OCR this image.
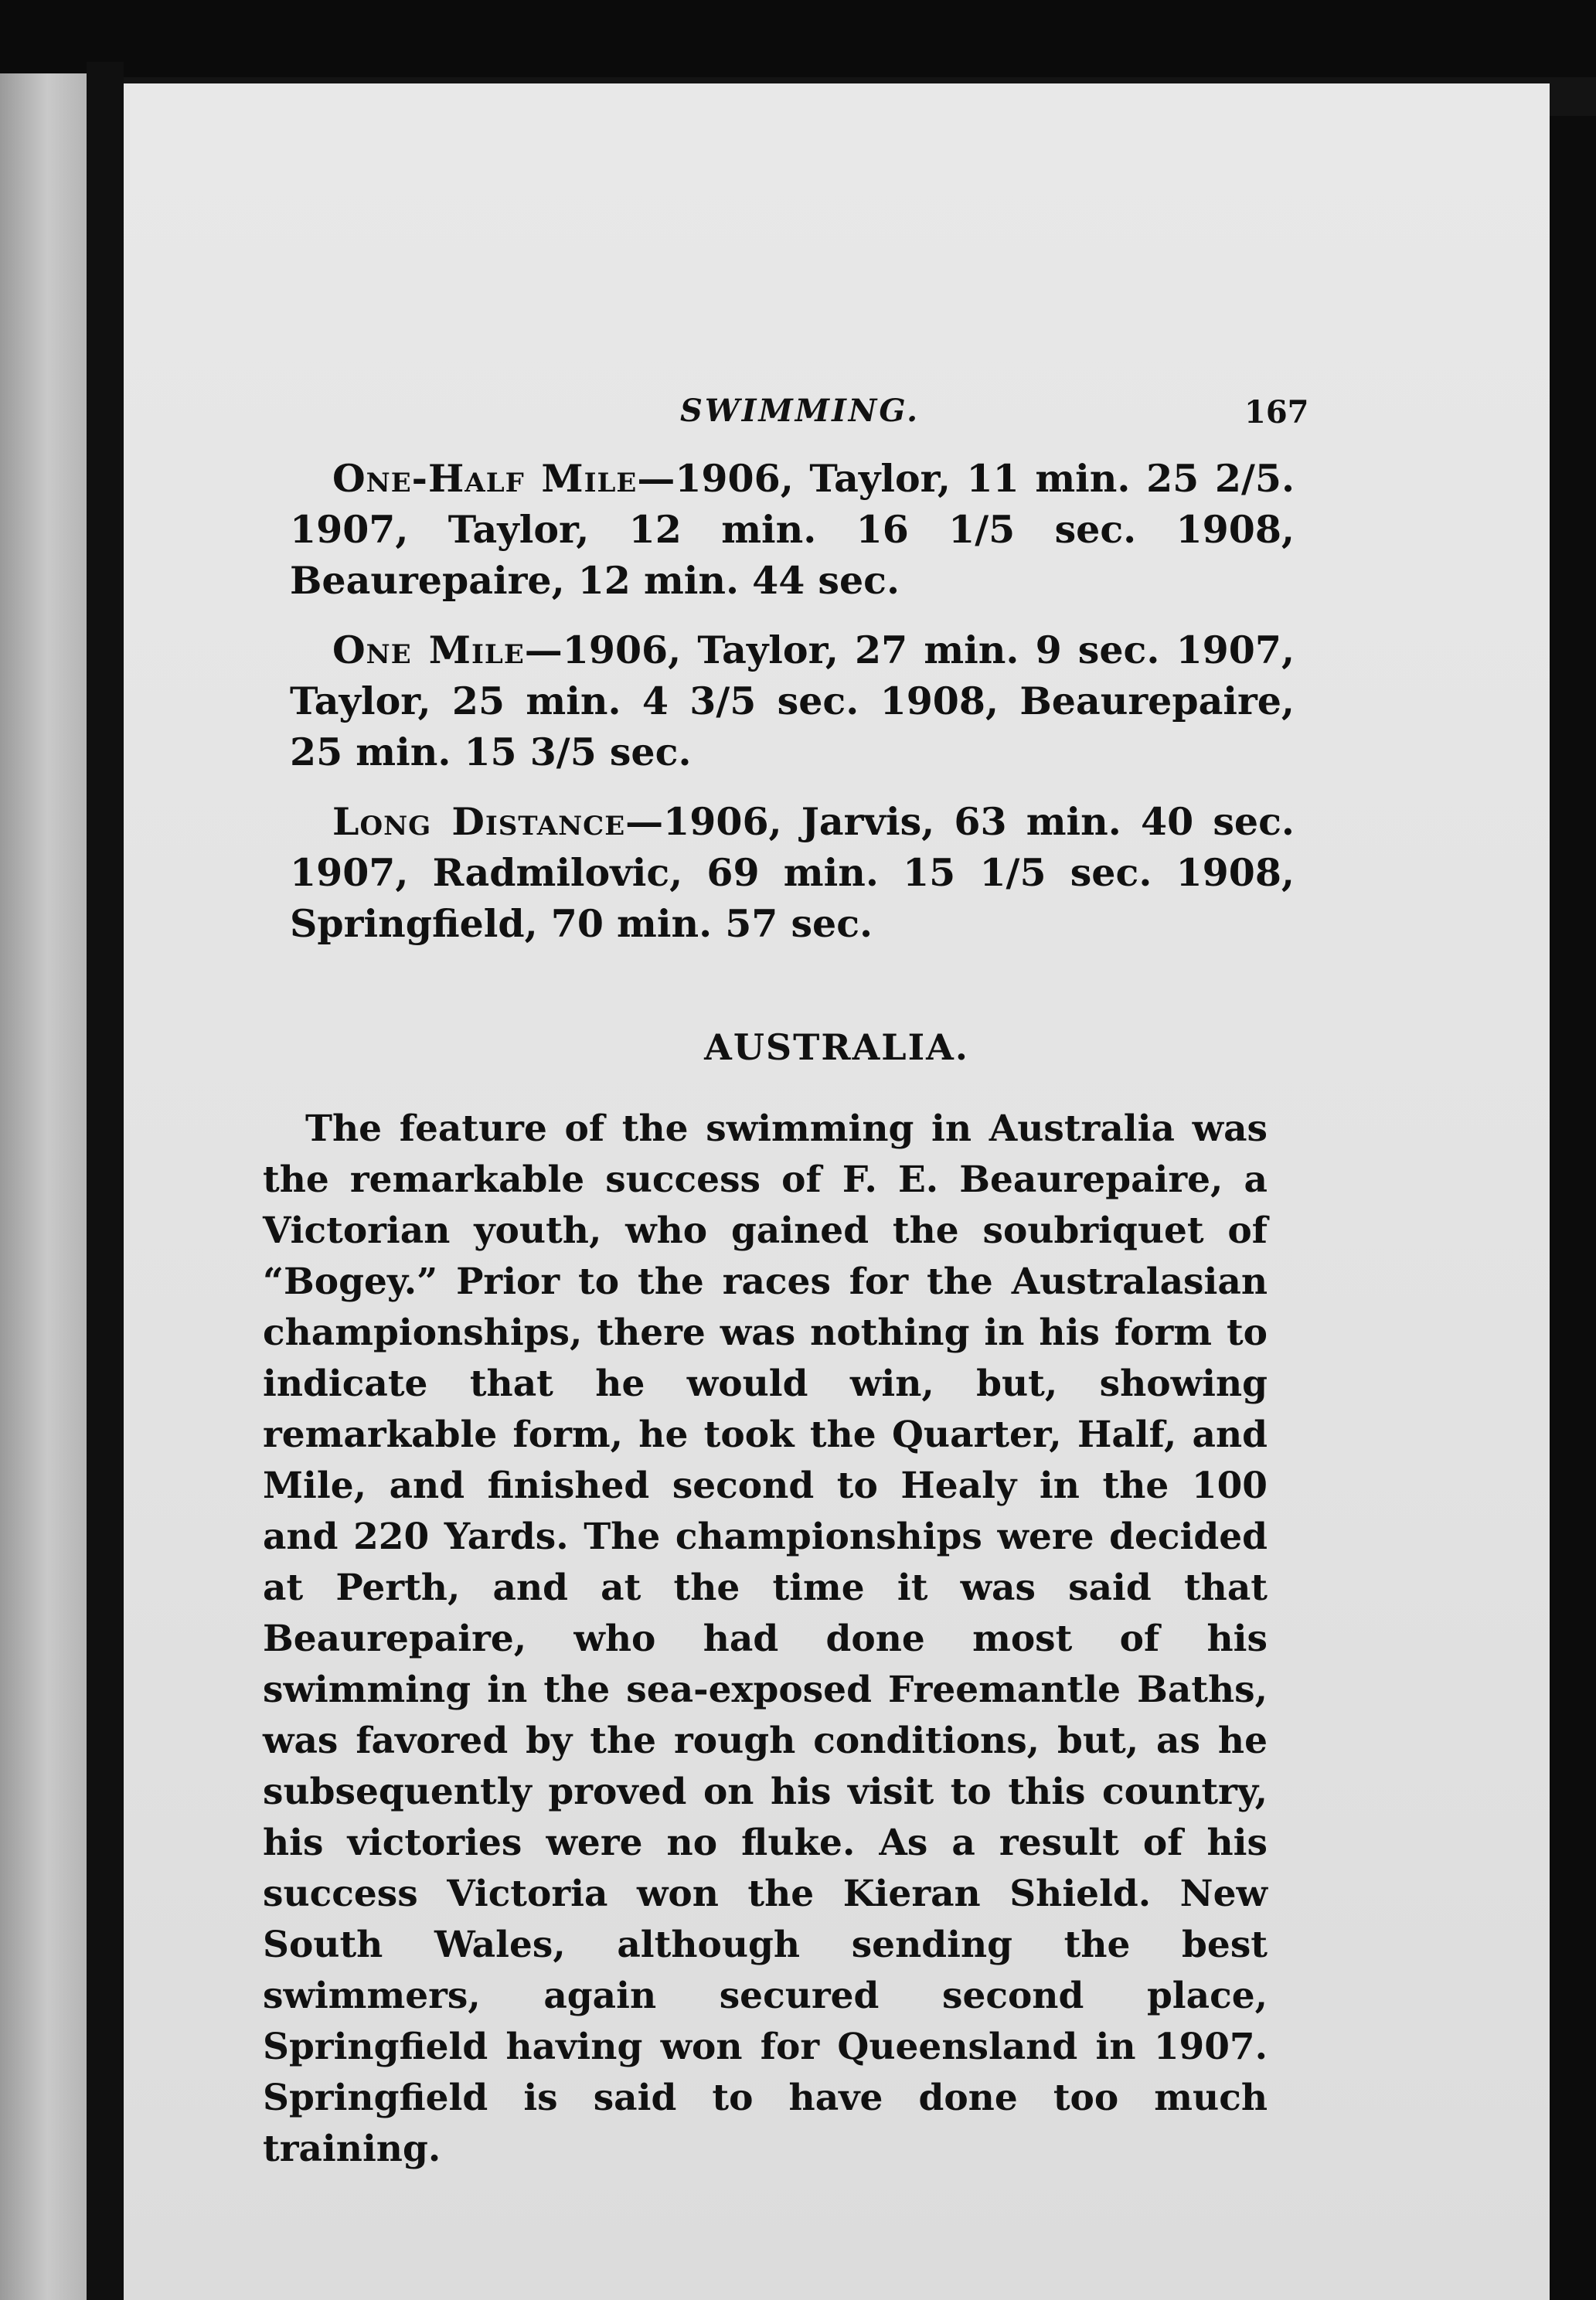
SWIMMING.	167

One-Half Mile—1906, Taylor, 11 min. 25 2/5. 1907, Taylor, 12 min. 16 1/5 sec. 1908, Beaurepaire, 12 min. 44 sec.

One Mile—1906, Taylor, 27 min. 9 sec. 1907, Taylor, 25 min. 4 3/5 sec. 1908, Beaurepaire, 25 min. 15 3/5 sec.

Long Distance—1906, Jarvis, 63 min. 40 sec. 1907, Radmilovic, 69 min. 15 1/5 sec. 1908, Springfield, 70 min. 57 sec.

AUSTRALIA.

The feature of the swimming in Australia was the remarkable success of F. E. Beaurepaire, a Victorian youth, who gained the soubriquet of “Bogey.” Prior to the races for the Australasian championships, there was nothing in his form to indicate that he would win, but, showing remarkable form, he took the Quarter, Half, and Mile, and finished second to Healy in the 100 and 220 Yards. The championships were decided at Perth, and at the time it was said that Beaurepaire, who had done most of his swimming in the sea-exposed Freemantle Baths, was favored by the rough conditions, but, as he subsequently proved on his visit to this country, his victories were no fluke. As a result of his success Victoria won the Kieran Shield. New South Wales, although sending the best swimmers, again secured second place, Springfield having won for Queensland in 1907. Springfield is said to have done too much training.
